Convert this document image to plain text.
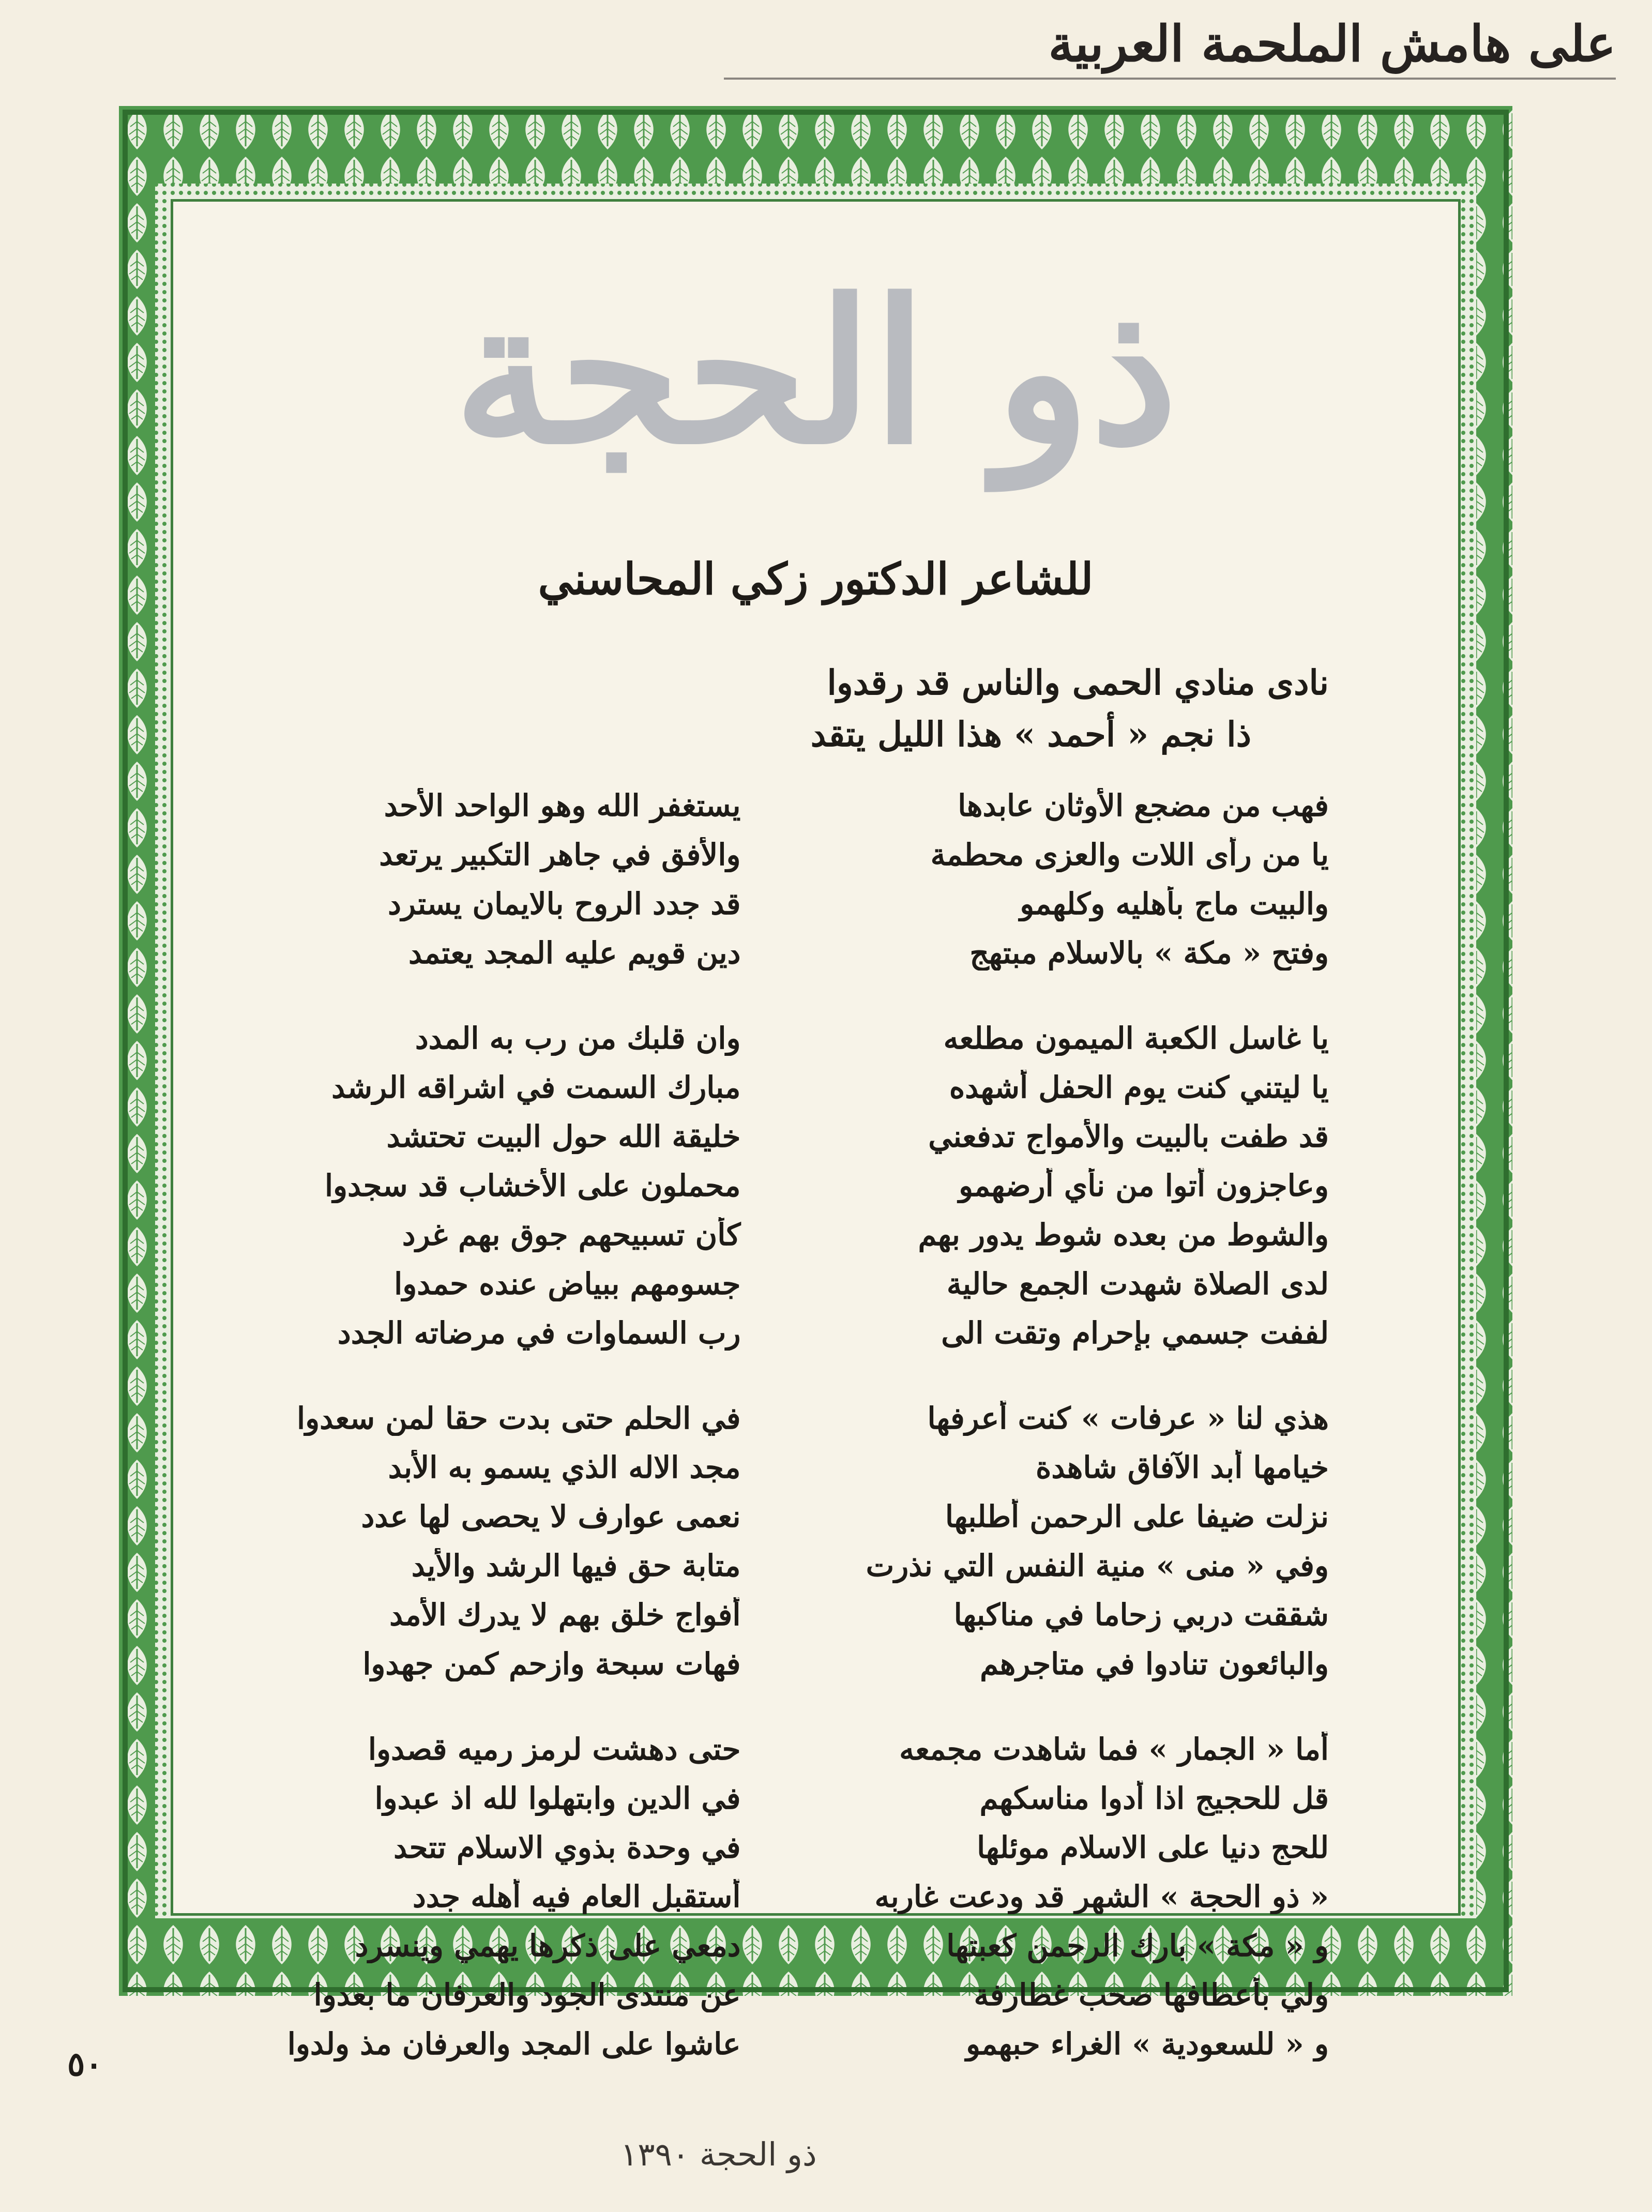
على هامش الملحمة العربية
ذو الحجة
للشاعر الدكتور زكي المحاسني
نادى منادي الحمى والناس قد رقدوا
ذا نجم « أحمد » هذا الليل يتقد
فهب من مضجع الأوثان عابدها
يستغفر الله وهو الواحد الأحد
يا من رأى اللات والعزى محطمة
والأفق في جاهر التكبير يرتعد
والبيت ماج بأهليه وكلهمو
قد جدد الروح بالايمان يسترد
وفتح « مكة » بالاسلام مبتهج
دين قويم عليه المجد يعتمد
يا غاسل الكعبة الميمون مطلعه
وان قلبك من رب به المدد
يا ليتني كنت يوم الحفل أشهده
مبارك السمت في اشراقه الرشد
قد طفت بالبيت والأمواج تدفعني
خليقة الله حول البيت تحتشد
وعاجزون أتوا من نأي أرضهمو
محملون على الأخشاب قد سجدوا
والشوط من بعده شوط يدور بهم
كأن تسبيحهم جوق بهم غرد
لدى الصلاة شهدت الجمع حالية
جسومهم ببياض عنده حمدوا
لففت جسمي بإحرام وتقت الى
رب السماوات في مرضاته الجدد
هذي لنا « عرفات » كنت أعرفها
في الحلم حتى بدت حقا لمن سعدوا
خيامها أبد الآفاق شاهدة
مجد الاله الذي يسمو به الأبد
نزلت ضيفا على الرحمن أطلبها
نعمى عوارف لا يحصى لها عدد
وفي « منى » منية النفس التي نذرت
متابة حق فيها الرشد والأيد
شققت دربي زحاما في مناكبها
أفواج خلق بهم لا يدرك الأمد
والبائعون تنادوا في متاجرهم
فهات سبحة وازحم كمن جهدوا
أما « الجمار » فما شاهدت مجمعه
حتى دهشت لرمز رميه قصدوا
قل للحجيج اذا أدوا مناسكهم
في الدين وابتهلوا لله اذ عبدوا
للحج دنيا على الاسلام موئلها
في وحدة بذوي الاسلام تتحد
« ذو الحجة » الشهر قد ودعت غاربه
أستقبل العام فيه أهله جدد
و « مكة » بارك الرحمن كعبتها
دمعي على ذكرها يهمي وينسرد
ولي بأعطافها صحب غطارفة
عن منتدى الجود والعرفان ما بعدوا
و « للسعودية » الغراء حبهمو
عاشوا على المجد والعرفان مذ ولدوا
٥٠
ذو الحجة ١٣٩٠
